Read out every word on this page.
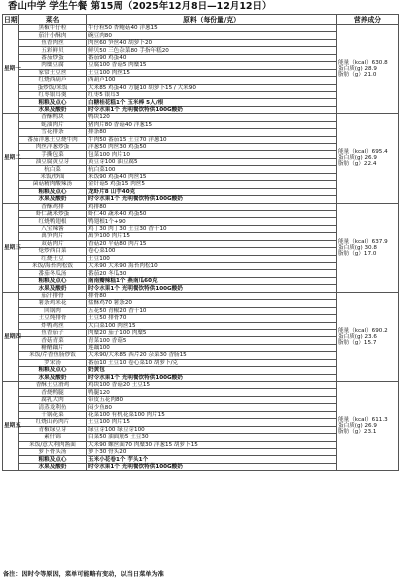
香山中学 学生午餐 第15周（2025年12月8日—12月12日）
日期	菜名	原料（每份量/克）	营养成分
星期一	黑椒牛仔粒	牛仔粒50 杏鲍菇40 洋葱15	能量（kcal）630.8
蛋白质(g) 28.9
脂肪（g）21.0

	茄汁小酥肉	碗豆肉80	
	鱼香肉丝	肉丝60 笋丝40 胡萝卜20	
	五彩鲜贝	鲜贝50 三色杂菜80 手指年糕20	
	番茄炒蛋	番茄90 鸡蛋40	
	肉糜豆腐	豆腐100 香菇5 肉糜15	
	家常土豆丝	土豆100 肉丝15	
	红烧西葫芦	西葫芦100	
	蛋炒饭/米饭	大米85 鸡蛋40 方腿10 胡萝卜15 / 大米90	
	红枣银耳羹	红枣5 银耳3	
	粗粮及点心	白糖桂花糕1个 玉米棒 5人/根	
	水果及酸奶	时令水果1个 光明餐饮特供100G酸奶	
星期二	香酥鸭块	鸭块120	能量（kcal）695.4
蛋白质(g) 26.9
脂肪（g）22.4

	蚝油肉片	猪肉片80 香菇40 洋葱15	
	雪花排条	排条80	
	番茄洋葱土豆烧牛肉	牛肉50 番茄15 土豆70 洋葱10	
	肉丝洋葱炒蛋	洋葱50 肉丝30 鸡蛋50	
	手撕包菜	包菜100 肉片10	
	油豆腐黄豆芽	黄豆芽100 油豆腐5	
	杭白菜	杭白菜100	
	米饭/炒面	米饭90 鸡蛋40 肉丝15	
	菌菇精肉酸辣汤	金针菇5 鸡蛋15 肉丝5	
	粗粮及点心	龙虾片8 山芋40克	
	水果及酸奶	时令水果1个 光明餐饮特供100G酸奶	
星期三	香酥鸡排	鸡排80	能量（kcal）637.9
蛋白质(g) 30.8
脂肪（g）17.0

	虾仁蔬米炒蛋	虾仁40 蔬米40 鸡蛋50	
	红烧鸭翅根	鸭翅根1个+90	
	八宝辣酱	鸡丁30 肉丁30 土豆30 香干10	
	萬笋肉片	萬笋100 肉片15	
	双菇肉片	香菇20 平菇80 肉片15	
	炝炒西白菜	卷心菜100	
	红烧土豆	土豆100	
	米饭/海苔肉松饭	大米90 大米90 海苔肉松10	
	番茄冬瓜汤	番茄20 冬瓜30	
	粗粮及点心	南南瓣辣糕1个 燕南瓜60克	
	水果及酸奶	时令水果1个 光明餐饮特供100G酸奶	
星期四	茄汁排骨	排骨80	能量（kcal）690.2
蛋白质(g) 23.6
脂肪（g）15.7

	薯条鸡米花	盐酥鸡70 薯条20	
	回锅肉	五花50 青椒20 香干10	
	土豆炖排骨	土豆50 排骨70	
	炸鸭鸡丝	大白菜100 肉丝15	
	鱼香茄子	肉糜20 茄子100 肉糜5	
	香菇青菜	青菜100 香菇5	
	糖醋藕片	莲藕100	
	米饭/芹香鱼肠炒饭	大米90/大米85 西芹20 杂菜30 香肠15	
	罗宋汤	番茄10 土豆10 卷心菜10 胡萝卜/克	
	粗粮及点心	奶黄包	
	水果及酸奶	时令水果1个 光明餐饮特供100G酸奶	
星期五	香酥土豆滑鸡	鸡块100 香菇20 土豆15	能量（kcal）611.3
蛋白质(g) 26.9
脂肪（g）23.1

	香烧鸭腿	鸭腿120	
	腐乳大肉	带皮五花肉80	
	清蒸龙利鱼	闷少鱼80	
	千锅花菜	花菜100 有机花菜100 肉片15	
	红烧山药肉片	土豆100 肉片15	
	青椒绿豆芽	绿豆芽100 绿豆芽100	
	素什锦	白菜50 油面筋5 土豆30	
	米饭/意大利肉酱面	大米90 螺丝面70 肉糜30 洋葱15 胡萝卜15	
	萝卜骨头汤	萝卜30 骨头20	
	粗粮及点心	玉米小花卷1个 芋头1个	
	水果及酸奶	时令水果1个 光明餐饮特供100G酸奶	
备注：因时令等原因，菜单可能略有变动，以当日菜单为准
